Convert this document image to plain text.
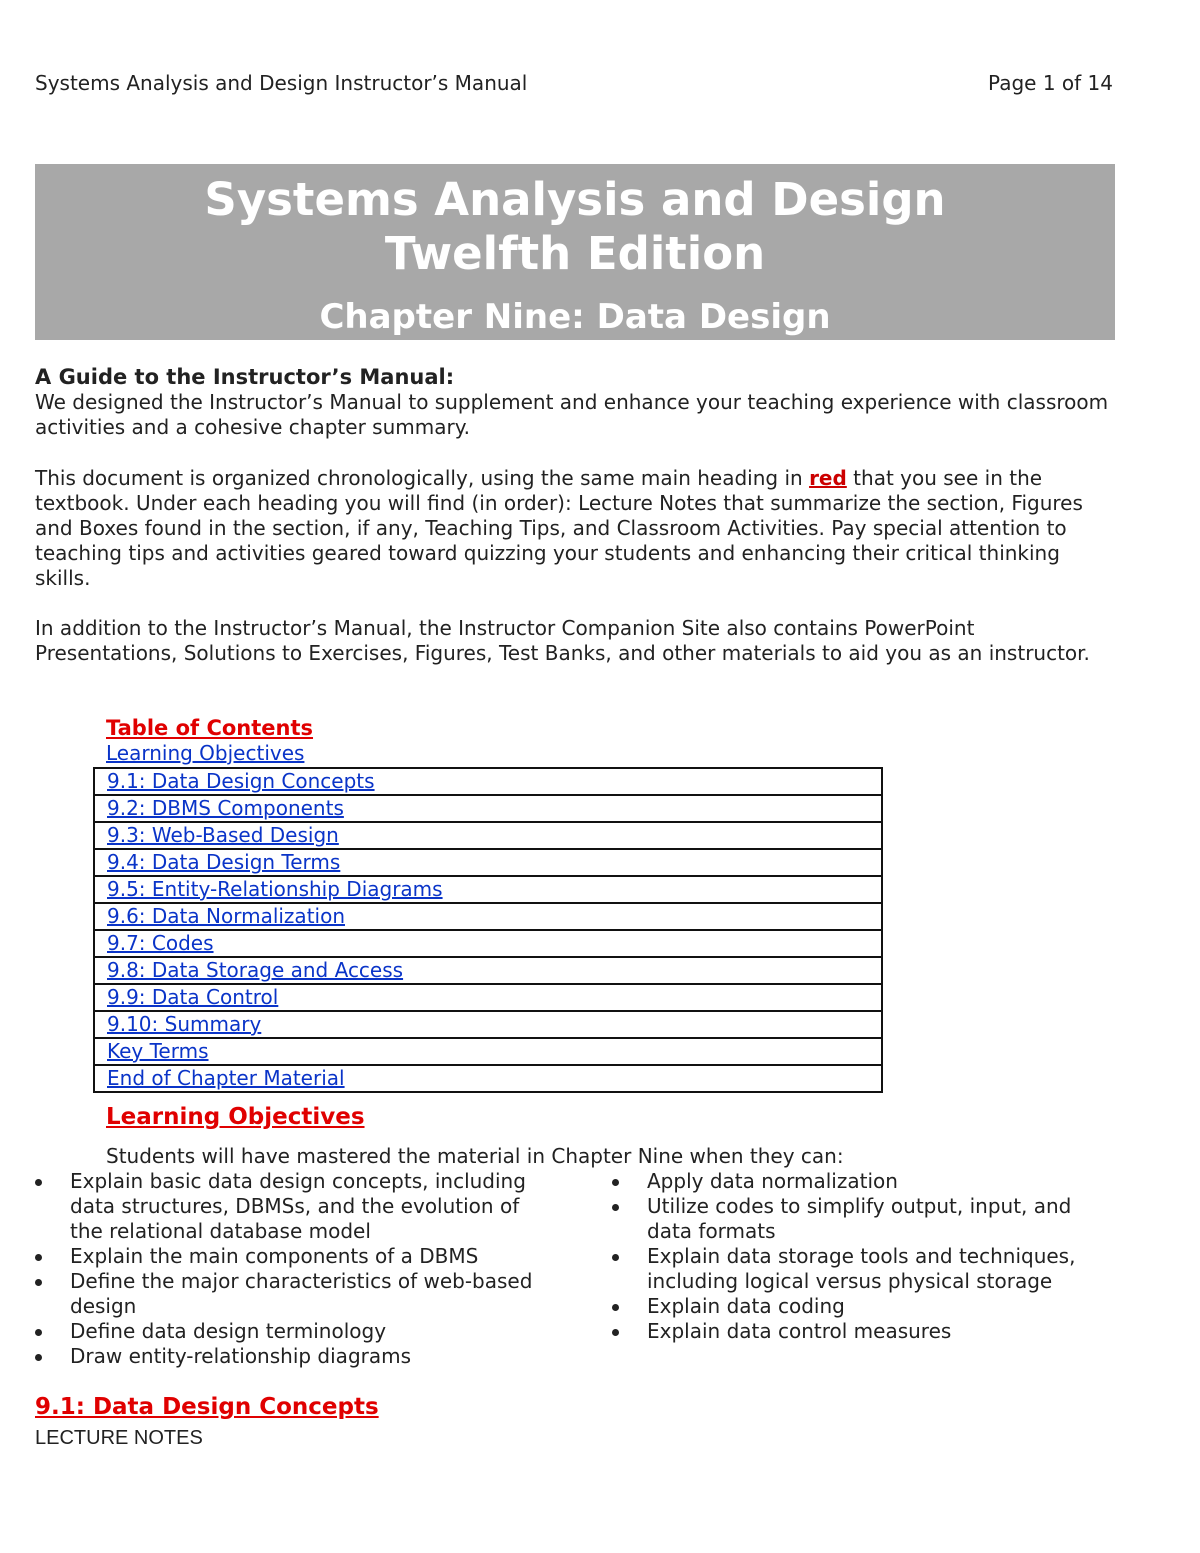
Systems Analysis and Design Instructor’s Manual	Page 1 of 14
Systems Analysis and Design
Twelfth Edition
Chapter Nine: Data Design
A Guide to the Instructor’s Manual:
We designed the Instructor’s Manual to supplement and enhance your teaching experience with classroom activities and a cohesive chapter summary.
This document is organized chronologically, using the same main heading in red that you see in the textbook. Under each heading you will find (in order): Lecture Notes that summarize the section, Figures and Boxes found in the section, if any, Teaching Tips, and Classroom Activities. Pay special attention to teaching tips and activities geared toward quizzing your students and enhancing their critical thinking skills.
In addition to the Instructor’s Manual, the Instructor Companion Site also contains PowerPoint Presentations, Solutions to Exercises, Figures, Test Banks, and other materials to aid you as an instructor.
Table of Contents
Learning Objectives
9.1: Data Design Concepts
9.2: DBMS Components
9.3: Web-Based Design
9.4: Data Design Terms
9.5: Entity-Relationship Diagrams
9.6: Data Normalization
9.7: Codes
9.8: Data Storage and Access
9.9: Data Control
9.10: Summary
Key Terms
End of Chapter Material
Learning Objectives
Students will have mastered the material in Chapter Nine when they can:
Explain basic data design concepts, including data structures, DBMSs, and the evolution of the relational database model
Explain the main components of a DBMS
Define the major characteristics of web-based design
Define data design terminology
Draw entity-relationship diagrams
Apply data normalization
Utilize codes to simplify output, input, and data formats
Explain data storage tools and techniques, including logical versus physical storage
Explain data coding
Explain data control measures
9.1: Data Design Concepts
LECTURE NOTES
